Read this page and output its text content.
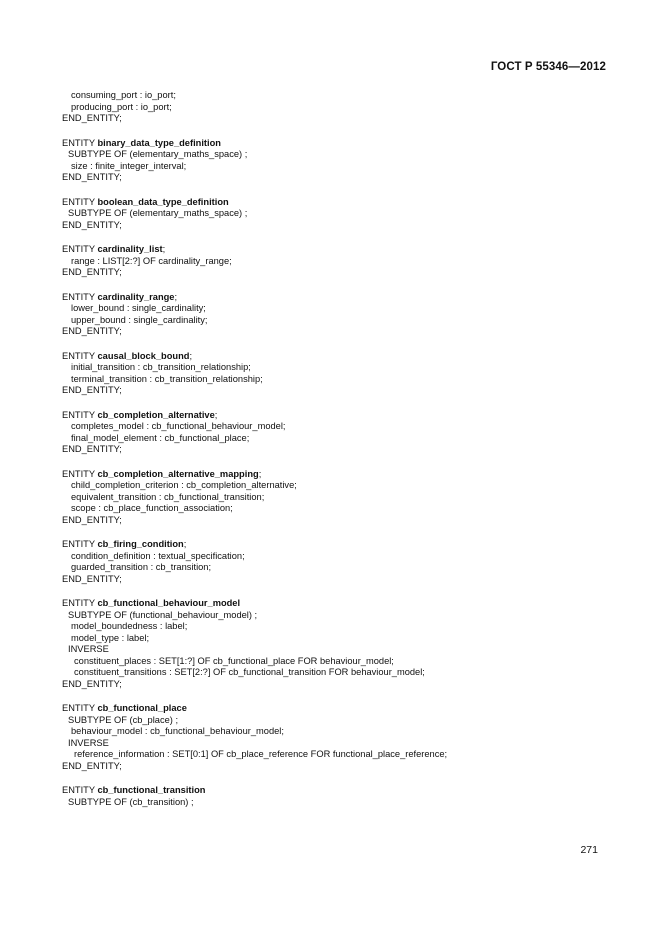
ГОСТ Р 55346—2012
consuming_port : io_port;
producing_port : io_port;
END_ENTITY;
ENTITY binary_data_type_definition
SUBTYPE OF (elementary_maths_space) ;
size : finite_integer_interval;
END_ENTITY;
ENTITY boolean_data_type_definition
SUBTYPE OF (elementary_maths_space) ;
END_ENTITY;
ENTITY cardinality_list;
range : LIST[2:?] OF cardinality_range;
END_ENTITY;
ENTITY cardinality_range;
lower_bound : single_cardinality;
upper_bound : single_cardinality;
END_ENTITY;
ENTITY causal_block_bound;
initial_transition : cb_transition_relationship;
terminal_transition : cb_transition_relationship;
END_ENTITY;
ENTITY cb_completion_alternative;
completes_model : cb_functional_behaviour_model;
final_model_element : cb_functional_place;
END_ENTITY;
ENTITY cb_completion_alternative_mapping;
child_completion_criterion : cb_completion_alternative;
equivalent_transition : cb_functional_transition;
scope : cb_place_function_association;
END_ENTITY;
ENTITY cb_firing_condition;
condition_definition : textual_specification;
guarded_transition : cb_transition;
END_ENTITY;
ENTITY cb_functional_behaviour_model
SUBTYPE OF (functional_behaviour_model) ;
model_boundedness : label;
model_type : label;
INVERSE
constituent_places : SET[1:?] OF cb_functional_place FOR behaviour_model;
constituent_transitions : SET[2:?] OF cb_functional_transition FOR behaviour_model;
END_ENTITY;
ENTITY cb_functional_place
SUBTYPE OF (cb_place) ;
behaviour_model : cb_functional_behaviour_model;
INVERSE
reference_information : SET[0:1] OF cb_place_reference FOR functional_place_reference;
END_ENTITY;
ENTITY cb_functional_transition
SUBTYPE OF (cb_transition) ;
271
